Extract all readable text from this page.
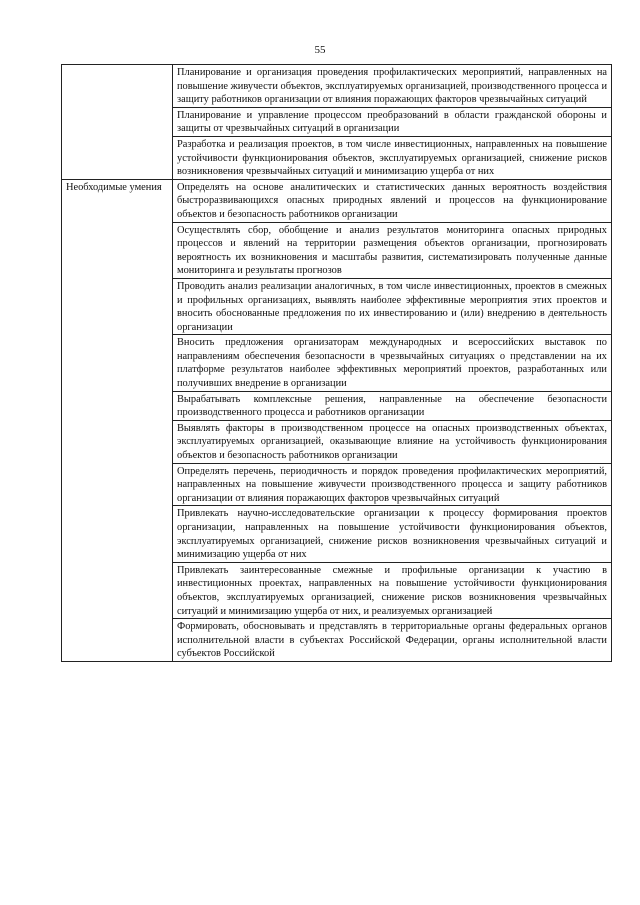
55
	Планирование и организация проведения профилактических мероприятий, направленных на повышение живучести объектов, эксплуатируемых организацией, производственного процесса и защиту работников организации от влияния поражающих факторов чрезвычайных ситуаций
	Планирование и управление процессом преобразований в области гражданской обороны и защиты от чрезвычайных ситуаций в организации
	Разработка и реализация проектов, в том числе инвестиционных, направленных на повышение устойчивости функционирования объектов, эксплуатируемых организацией, снижение рисков возникновения чрезвычайных ситуаций и минимизацию ущерба от них
Необходимые умения	Определять на основе аналитических и статистических данных вероятность воздействия быстроразвивающихся опасных природных явлений и процессов на функционирование объектов и безопасность работников организации
	Осуществлять сбор, обобщение и анализ результатов мониторинга опасных природных процессов и явлений на территории размещения объектов организации, прогнозировать вероятность их возникновения и масштабы развития, систематизировать полученные данные мониторинга и результаты прогнозов
	Проводить анализ реализации аналогичных, в том числе инвестиционных, проектов в смежных и профильных организациях, выявлять наиболее эффективные мероприятия этих проектов и вносить обоснованные предложения по их инвестированию и (или) внедрению в деятельность организации
	Вносить предложения организаторам международных и всероссийских выставок по направлениям обеспечения безопасности в чрезвычайных ситуациях о представлении на их платформе результатов наиболее эффективных мероприятий проектов, разработанных или получивших внедрение в организации
	Вырабатывать комплексные решения, направленные на обеспечение безопасности производственного процесса и работников организации
	Выявлять факторы в производственном процессе на опасных производственных объектах, эксплуатируемых организацией, оказывающие влияние на устойчивость функционирования объектов и безопасность работников организации
	Определять перечень, периодичность и порядок проведения профилактических мероприятий, направленных на повышение живучести производственного процесса и защиту работников организации от влияния поражающих факторов чрезвычайных ситуаций
	Привлекать научно-исследовательские организации к процессу формирования проектов организации, направленных на повышение устойчивости функционирования объектов, эксплуатируемых организацией, снижение рисков возникновения чрезвычайных ситуаций и минимизацию ущерба от них
	Привлекать заинтересованные смежные и профильные организации к участию в инвестиционных проектах, направленных на повышение устойчивости функционирования объектов, эксплуатируемых организацией, снижение рисков возникновения чрезвычайных ситуаций и минимизацию ущерба от них, и реализуемых организацией
	Формировать, обосновывать и представлять в территориальные органы федеральных органов исполнительной власти в субъектах Российской Федерации, органы исполнительной власти субъектов Российской
